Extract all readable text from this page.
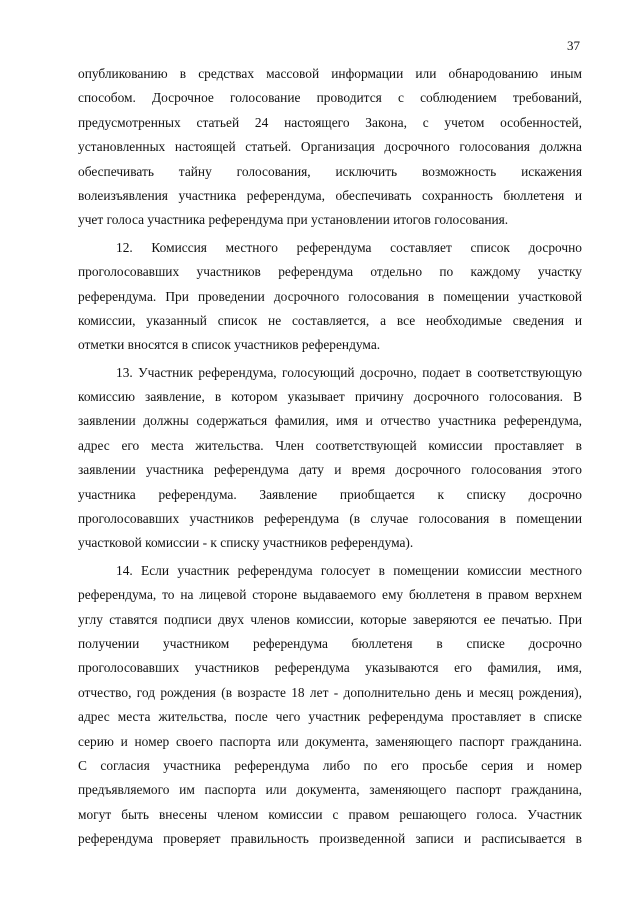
37
опубликованию в средствах массовой информации или обнародованию иным
способом. Досрочное голосование проводится с соблюдением требований,
предусмотренных статьей 24 настоящего Закона, с учетом особенностей,
установленных настоящей статьей. Организация досрочного голосования должна
обеспечивать тайну голосования, исключить возможность искажения
волеизъявления участника референдума, обеспечивать сохранность бюллетеня и
учет голоса участника референдума при установлении итогов голосования.
12. Комиссия местного референдума составляет список досрочно
проголосовавших участников референдума отдельно по каждому участку
референдума. При проведении досрочного голосования в помещении участковой
комиссии, указанный список не составляется, а все необходимые сведения и
отметки вносятся в список участников референдума.
13. Участник референдума, голосующий досрочно, подает в соответствующую
комиссию заявление, в котором указывает причину досрочного голосования. В
заявлении должны содержаться фамилия, имя и отчество участника референдума,
адрес его места жительства. Член соответствующей комиссии проставляет в
заявлении участника референдума дату и время досрочного голосования этого
участника референдума. Заявление приобщается к списку досрочно
проголосовавших участников референдума (в случае голосования в помещении
участковой комиссии - к списку участников референдума).
14. Если участник референдума голосует в помещении комиссии местного
референдума, то на лицевой стороне выдаваемого ему бюллетеня в правом верхнем
углу ставятся подписи двух членов комиссии, которые заверяются ее печатью. При
получении участником референдума бюллетеня в списке досрочно
проголосовавших участников референдума указываются его фамилия, имя,
отчество, год рождения (в возрасте 18 лет - дополнительно день и месяц рождения),
адрес места жительства, после чего участник референдума проставляет в списке
серию и номер своего паспорта или документа, заменяющего паспорт гражданина.
С согласия участника референдума либо по его просьбе серия и номер
предъявляемого им паспорта или документа, заменяющего паспорт гражданина,
могут быть внесены членом комиссии с правом решающего голоса. Участник
референдума проверяет правильность произведенной записи и расписывается в
